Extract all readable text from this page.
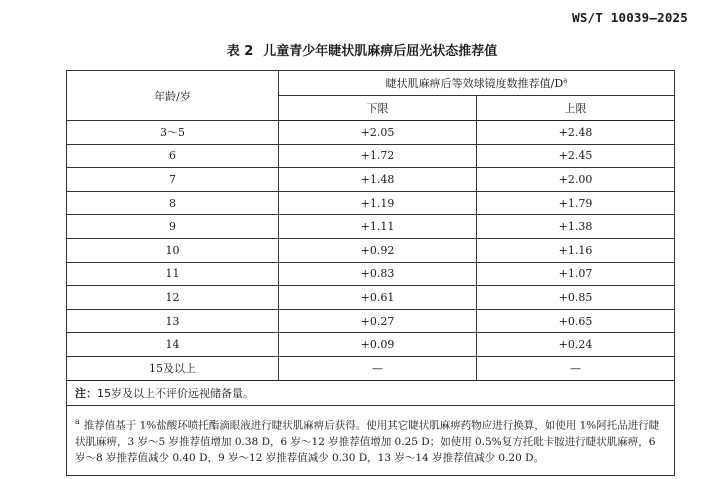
WS/T 10039—2025
表 2 儿童青少年睫状肌麻痹后屈光状态推荐值
年龄/岁	睫状肌麻痹后等效球镜度数推荐值$/D^a$
	下限	上限
3～5	+2.05	+2.48
6	+1.72	+2.45
7	+1.48	+2.00
8	+1.19	+1.79
9	+1.11	+1.38
10	+0.92	+1.16
11	+0.83	+1.07
12	+0.61	+0.85
13	+0.27	+0.65
14	+0.09	+0.24
15及以上	—	—
注：15岁及以上不评价远视储备量。		
$^a$ 推荐值基于 1%盐酸环喷托酯滴眼液进行睫状肌麻痹后获得。使用其它睫状肌麻痹药物应进行换算，如使用 1%阿托品进行睫状肌麻痹，3 岁～5 岁推荐值增加 0.38 D，6 岁～12 岁推荐值增加 0.25 D；如使用 0.5%复方托吡卡胺进行睫状肌麻痹，6 岁～8 岁推荐值减少 0.40 D，9 岁～12 岁推荐值减少 0.30 D，13 岁～14 岁推荐值减少 0.20 D。		
